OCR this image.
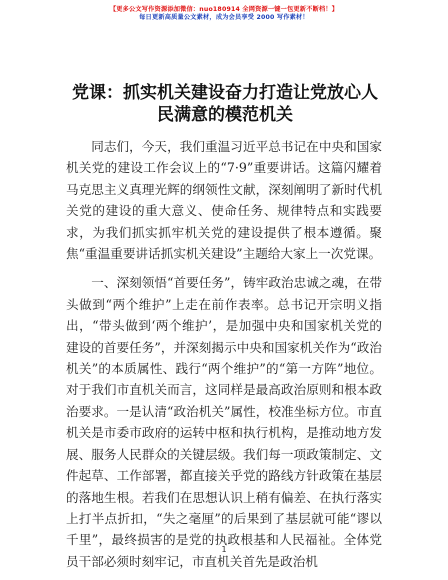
【更多公文写作资源添加微信：nuo180914 全网资源一键一包更新不断档！】
每日更新高质量公文素材，成为会员享受 2000 写作素材！
党课：抓实机关建设奋力打造让党放心人民满意的模范机关

同志们，今天，我们重温习近平总书记在中央和国家机关党的建设工作会议上的“7·9”重要讲话。这篇闪耀着马克思主义真理光辉的纲领性文献，深刻阐明了新时代机关党的建设的重大意义、使命任务、规律特点和实践要求，为我们抓实抓牢机关党的建设提供了根本遵循。聚焦“重温重要讲话抓实机关建设”主题给大家上一次党课。

一、深刻领悟“首要任务”，铸牢政治忠诚之魂，在带头做到“两个维护”上走在前作表率。总书记开宗明义指出，“带头做到‘两个维护’，是加强中央和国家机关党的建设的首要任务”，并深刻揭示中央和国家机关作为“政治机关”的本质属性、践行“两个维护”的“第一方阵”地位。对于我们市直机关而言，这同样是最高政治原则和根本政治要求。一是认清“政治机关”属性，校准坐标方位。市直机关是市委市政府的运转中枢和执行机构，是推动地方发展、服务人民群众的关键层级。我们每一项政策制定、文件起草、工作部署，都直接关乎党的路线方针政策在基层的落地生根。若我们在思想认识上稍有偏差、在执行落实上打半点折扣，“失之毫厘”的后果到了基层就可能“谬以千里”，最终损害的是党的执政根基和人民福祉。全体党员干部必须时刻牢记，市直机关首先是政治机

1
